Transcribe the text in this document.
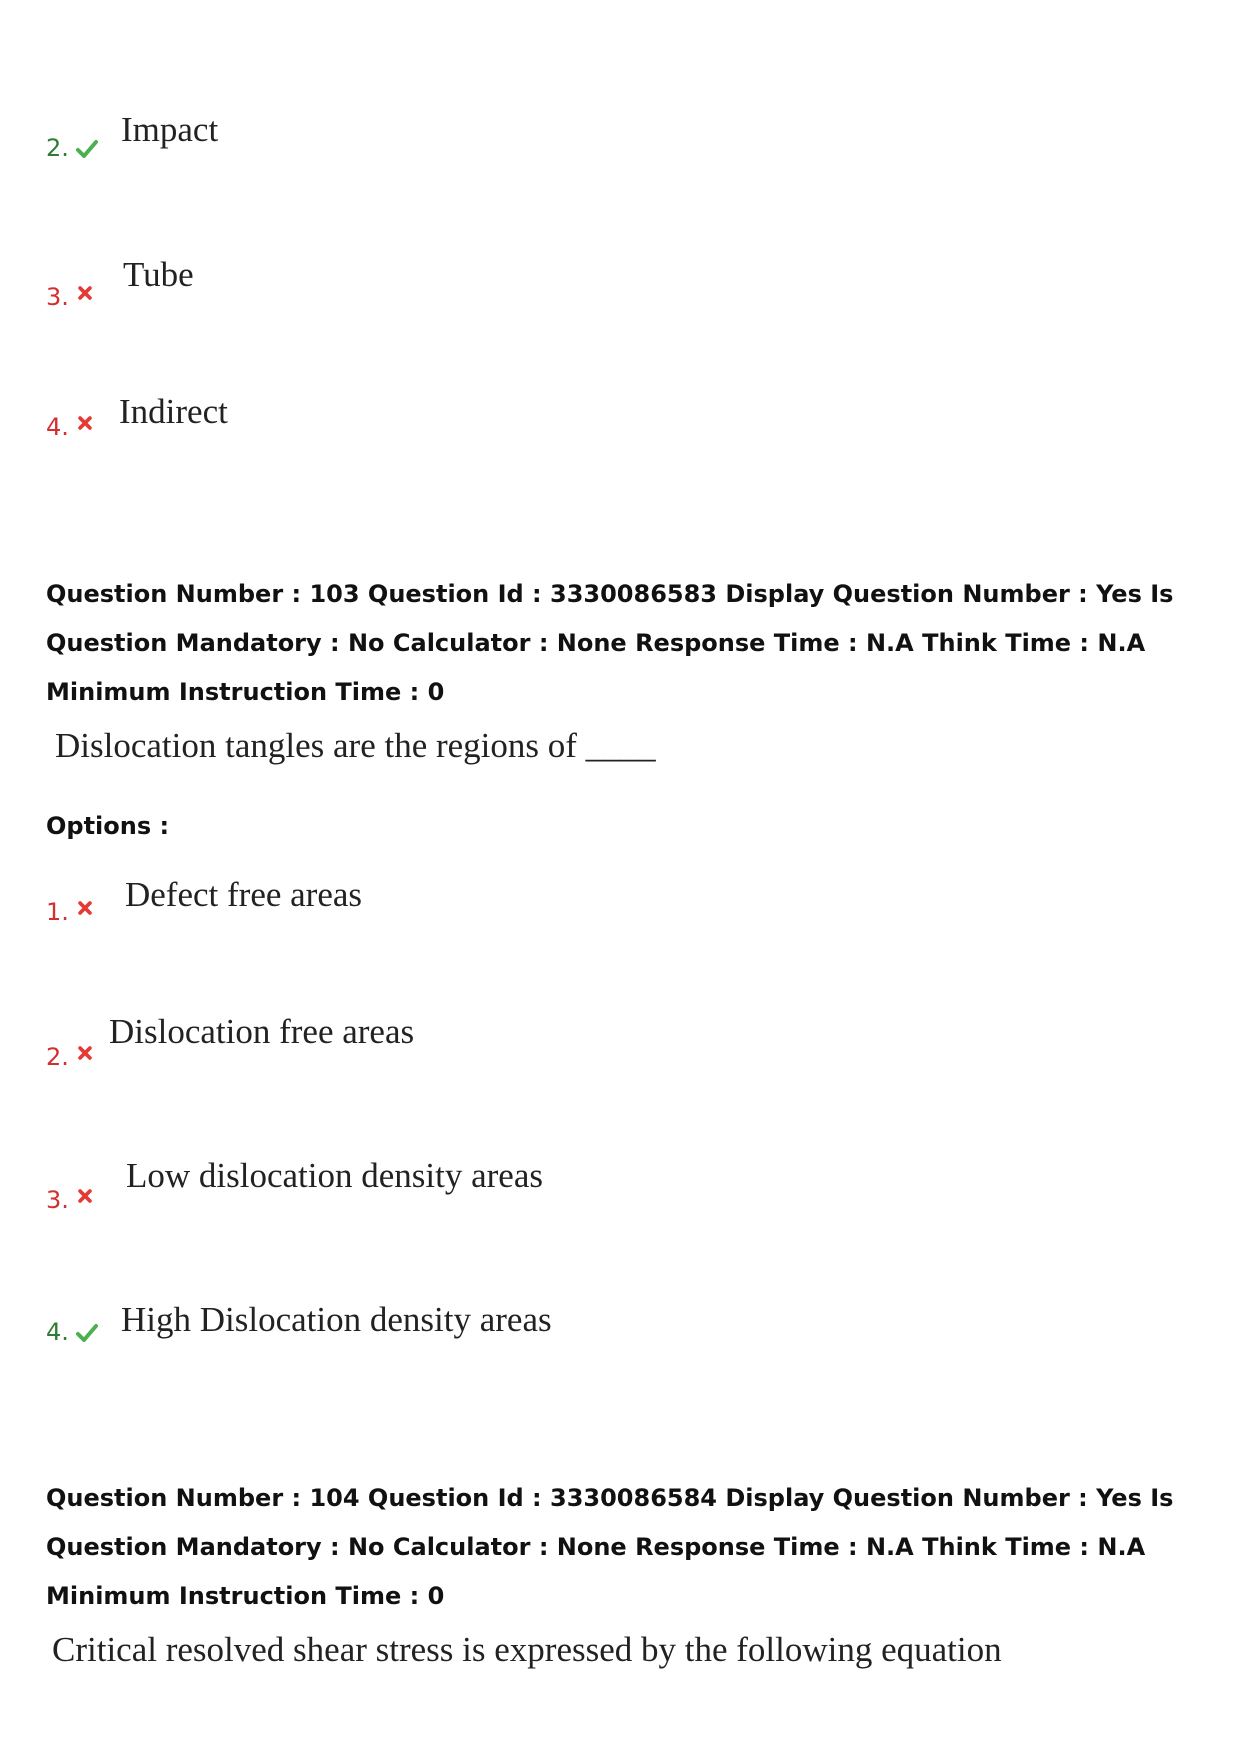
2. Impact
3.
Tube
4. Indirect
Question Number : 103 Question Id : 3330086583 Display Question Number : Yes Is Question Mandatory : No Calculator : None Response Time : N.A Think Time : N.A Minimum Instruction Time : 0
Dislocation tangles are the regions of ____
Options :
1. Defect free areas
2.
Dislocation free areas
3.
Low dislocation density areas
4. High Dislocation density areas
Question Number : 104 Question Id : 3330086584 Display Question Number : Yes Is Question Mandatory : No Calculator : None Response Time : N.A Think Time : N.A Minimum Instruction Time : 0
Critical resolved shear stress is expressed by the following equation
